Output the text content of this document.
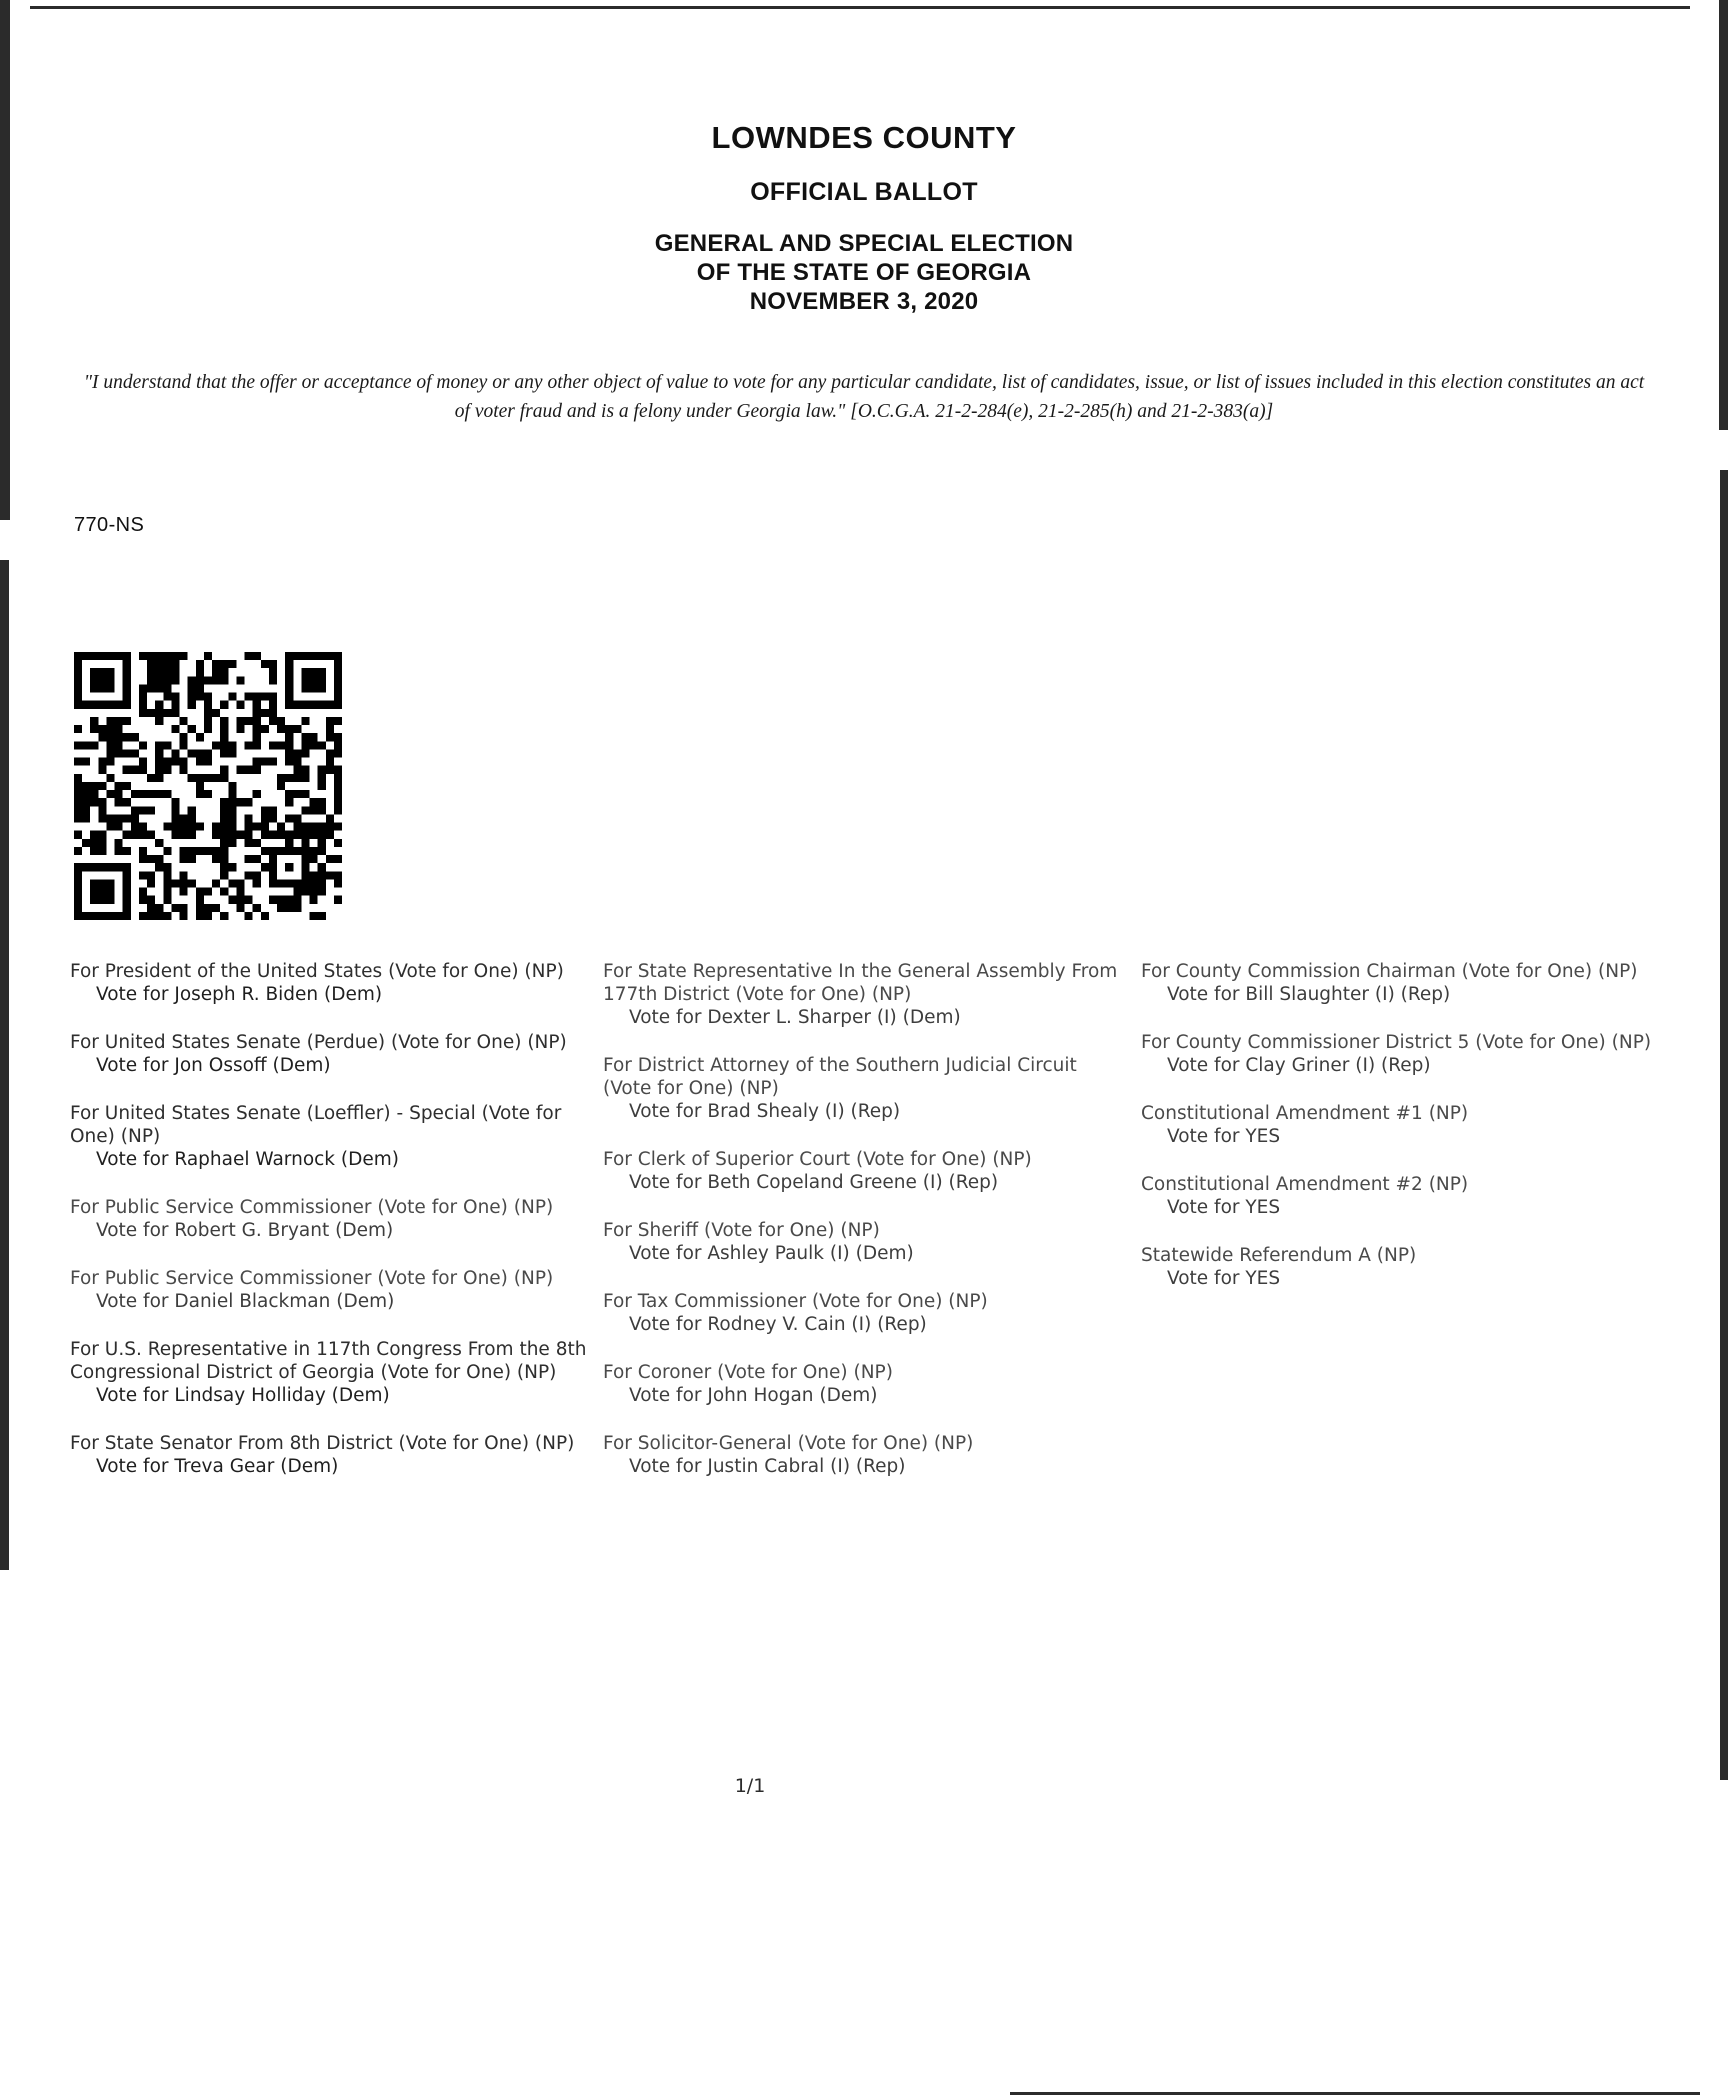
LOWNDES COUNTY
OFFICIAL BALLOT
GENERAL AND SPECIAL ELECTION
OF THE STATE OF GEORGIA
NOVEMBER 3, 2020
"I understand that the offer or acceptance of money or any other object of value to vote for any particular candidate, list of candidates, issue, or list of issues included in this election constitutes an act of voter fraud and is a felony under Georgia law." [O.C.G.A. 21-2-284(e), 21-2-285(h) and 21-2-383(a)]
770-NS
For President of the United States (Vote for One) (NP)
Vote for Joseph R. Biden (Dem)
For United States Senate (Perdue) (Vote for One) (NP)
Vote for Jon Ossoff (Dem)
For United States Senate (Loeffler) - Special (Vote for One) (NP)
Vote for Raphael Warnock (Dem)
For Public Service Commissioner (Vote for One) (NP)
Vote for Robert G. Bryant (Dem)
For Public Service Commissioner (Vote for One) (NP)
Vote for Daniel Blackman (Dem)
For U.S. Representative in 117th Congress From the 8th Congressional District of Georgia (Vote for One) (NP)
Vote for Lindsay Holliday (Dem)
For State Senator From 8th District (Vote for One) (NP)
Vote for Treva Gear (Dem)
For State Representative In the General Assembly From 177th District (Vote for One) (NP)
Vote for Dexter L. Sharper (I) (Dem)
For District Attorney of the Southern Judicial Circuit (Vote for One) (NP)
Vote for Brad Shealy (I) (Rep)
For Clerk of Superior Court (Vote for One) (NP)
Vote for Beth Copeland Greene (I) (Rep)
For Sheriff (Vote for One) (NP)
Vote for Ashley Paulk (I) (Dem)
For Tax Commissioner (Vote for One) (NP)
Vote for Rodney V. Cain (I) (Rep)
For Coroner (Vote for One) (NP)
Vote for John Hogan (Dem)
For Solicitor-General (Vote for One) (NP)
Vote for Justin Cabral (I) (Rep)
For County Commission Chairman (Vote for One) (NP)
Vote for Bill Slaughter (I) (Rep)
For County Commissioner District 5 (Vote for One) (NP)
Vote for Clay Griner (I) (Rep)
Constitutional Amendment #1 (NP)
Vote for YES
Constitutional Amendment #2 (NP)
Vote for YES
Statewide Referendum A (NP)
Vote for YES
1/1
